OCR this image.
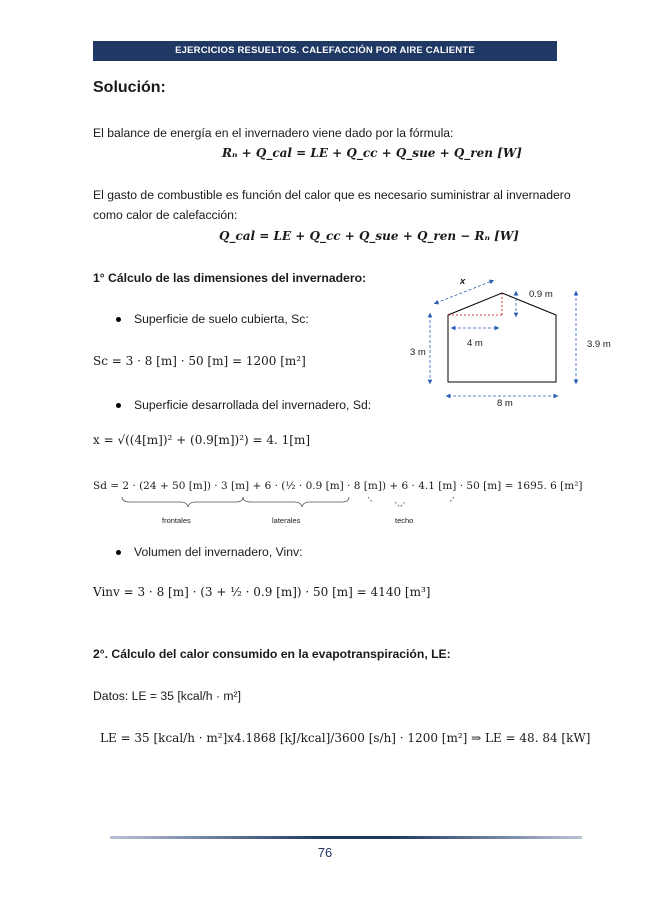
EJERCICIOS RESUELTOS. CALEFACCIÓN POR AIRE CALIENTE
Solución:
El balance de energía en el invernadero viene dado por la fórmula:
Rₙ + Q_cal = LE + Q_cc + Q_sue + Q_ren [W]
El gasto de combustible es función del calor que es necesario suministrar al invernadero
como calor de calefacción:
Q_cal = LE + Q_cc + Q_sue + Q_ren − Rₙ [W]
1° Cálculo de las dimensiones del invernadero:
Superficie de suelo cubierta, Sc:
Sc = 3 · 8 [m] · 50 [m] = 1200 [m²]
Superficie desarrollada del invernadero, Sd:
x = √((4[m])² + (0.9[m])²) = 4. 1[m]
Sd = 2 · (24 + 50 [m]) · 3 [m] + 6 · (½ · 0.9 [m] · 8 [m]) + 6 · 4.1 [m] · 50 [m] = 1695. 6 [m²]
frontales	laterales	techo
Volumen del invernadero, Vinv:
Vinv = 3 · 8 [m] · (3 + ½ · 0.9 [m]) · 50 [m] = 4140 [m³]
2°. Cálculo del calor consumido en la evapotranspiración, LE:
Datos: LE = 35 [kcal/h · m²]
LE = 35 [kcal/h · m²]x4.1868 [kJ/kcal]/3600 [s/h] · 1200 [m²] ⇒ LE = 48. 84 [kW]
x
0.9 m
4 m
3 m
3.9 m
8 m
76
